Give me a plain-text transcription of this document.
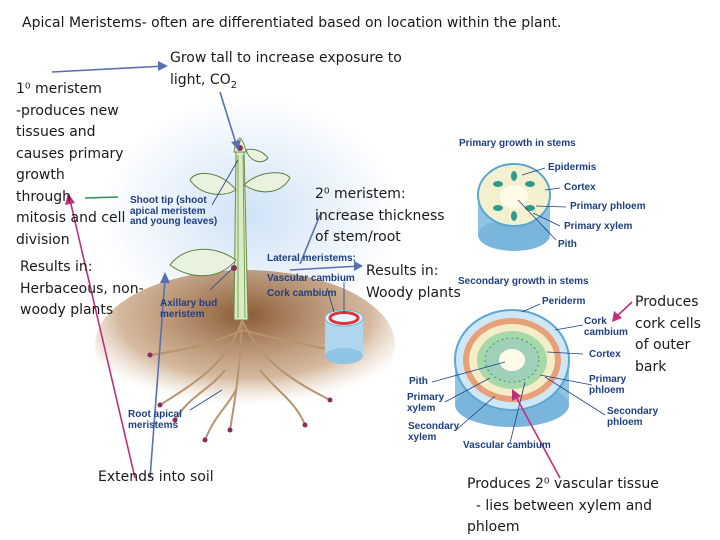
Apical Meristems- often are differentiated based on location within the plant.
Grow tall to increase exposure to
light, $CO_2$
1⁰ meristem
-produces new
tissues and
causes primary
growth
through
mitosis and cell
division
Results in:
Herbaceous, non-
woody plants
Extends into soil
2⁰ meristem:
increase thickness
of stem/root
Results in:
Woody plants
Produces
cork cells
of outer
bark
Produces 2⁰ vascular tissue
- lies between xylem and
phloem
Shoot tip (shoot
apical meristem
and young leaves)
Axillary bud
meristem
Root apical
meristems
Lateral meristems:
Vascular cambium
Cork cambium
Primary growth in stems
Epidermis
Cortex
Primary phloem
Primary xylem
Pith
Secondary growth in stems
Periderm
Cork
cambium
Cortex
Primary
phloem
Pith
Primary
xylem
Secondary
xylem
Secondary
phloem
Vascular cambium
